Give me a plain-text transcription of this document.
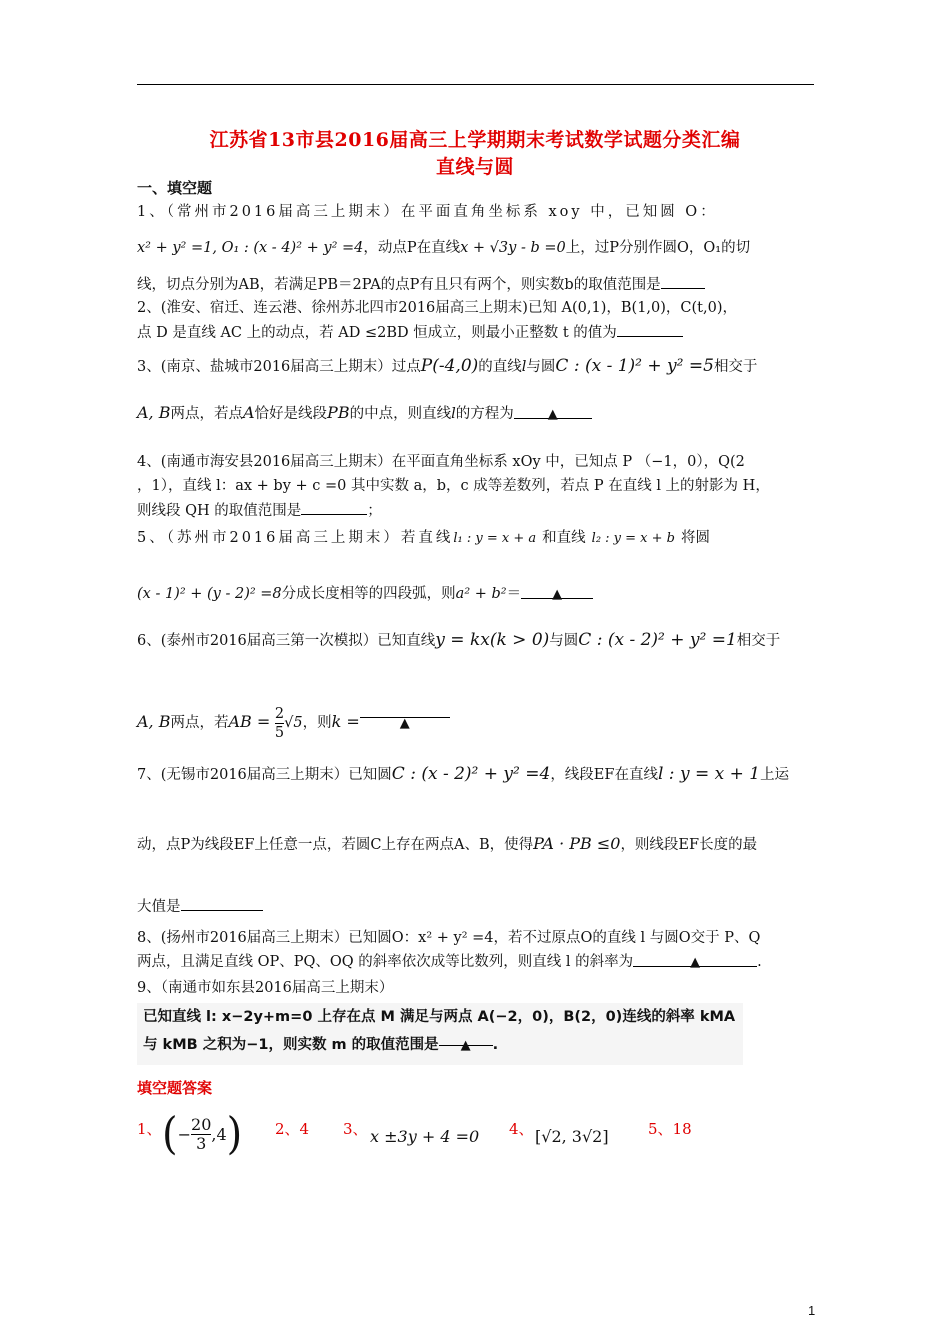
江苏省13市县2016届高三上学期期末考试数学试题分类汇编
直线与圆
一、填空题
1、（常州市2016届高三上期末）在平面直角坐标系 xoy 中，已知圆 O：
x² + y² =1, O₁ : (x - 4)² + y² =4，动点P在直线x + √3y - b =0上，过P分别作圆O，O₁的切
线，切点分别为AB，若满足PB＝2PA的点P有且只有两个，则实数b的取值范围是
2、(淮安、宿迁、连云港、徐州苏北四市2016届高三上期末)已知 A(0,1)，B(1,0)，C(t,0)，
点 D 是直线 AC 上的动点，若 AD ≤2BD 恒成立，则最小正整数 t 的值为
3、(南京、盐城市2016届高三上期末）过点P(-4,0)的直线l与圆C : (x - 1)² + y² =5相交于
A, B两点，若点A恰好是线段PB的中点，则直线l的方程为	▲
4、(南通市海安县2016届高三上期末）在平面直角坐标系 xOy 中，已知点 P （−1，0），Q(2
，1），直线 l：ax + by + c =0 其中实数 a，b，c 成等差数列，若点 P 在直线 l 上的射影为 H，
则线段 QH 的取值范围是	；
5、（苏州市2016届高三上期末）若直线l₁ : y = x + a 和直线 l₂ : y = x + b 将圆
(x - 1)² + (y - 2)² =8分成长度相等的四段弧，则a² + b²＝ ▲
6、(泰州市2016届高三第一次模拟）已知直线y = kx(k > 0)与圆C : (x - 2)² + y² =1相交于
A, B两点，若AB = $\frac{2}{5} √5$，则k =	▲
7、(无锡市2016届高三上期末）已知圆C : (x - 2)² + y² =4，线段EF在直线l : y = x + 1上运
动，点P为线段EF上任意一点，若圆C上存在两点A、B，使得PA · PB ≤0，则线段EF长度的最
大值是
8、(扬州市2016届高三上期末）已知圆O：x² + y² =4，若不过原点O的直线 l 与圆O交于 P、Q
两点，且满足直线 OP、PQ、OQ 的斜率依次成等比数列，则直线 l 的斜率为	▲	.
9、（南通市如东县2016届高三上期末）
已知直线 l: x−2y+m=0 上存在点 M 满足与两点 A(−2，0)，B(2，0)连线的斜率 kMA
与 kMB 之积为−1，则实数 m 的取值范围是 ▲ .
填空题答案
1、 ( − $\frac{20}{3} ,4$ ) 2、4 3、 x ±3y + 4 =0 4、 [√2, 3√2]	5、18
1
